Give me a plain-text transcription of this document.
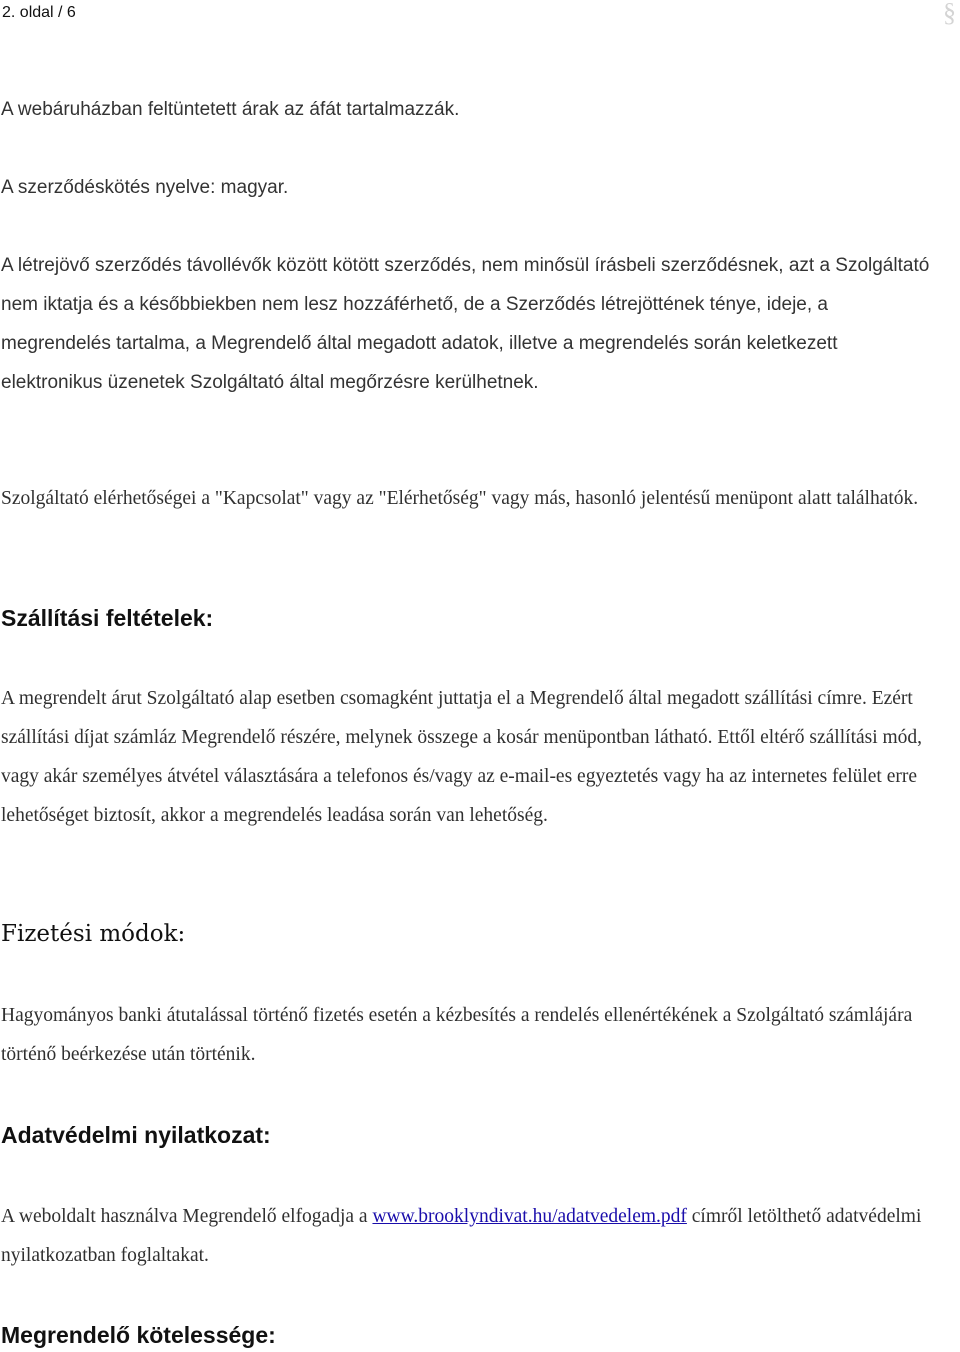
2. oldal / 6	§

A webáruházban feltüntetett árak az áfát tartalmazzák.

A szerződéskötés nyelve: magyar.

A létrejövő szerződés távollévők között kötött szerződés, nem minősül írásbeli szerződésnek, azt a Szolgáltató nem iktatja és a későbbiekben nem lesz hozzáférhető, de a Szerződés létrejöttének ténye, ideje, a megrendelés tartalma, a Megrendelő által megadott adatok, illetve a megrendelés során keletkezett elektronikus üzenetek Szolgáltató által megőrzésre kerülhetnek.

Szolgáltató elérhetőségei a "Kapcsolat" vagy az "Elérhetőség" vagy más, hasonló jelentésű menüpont alatt találhatók.

Szállítási feltételek:

A megrendelt árut Szolgáltató alap esetben csomagként juttatja el a Megrendelő által megadott szállítási címre. Ezért szállítási díjat számláz Megrendelő részére, melynek összege a kosár menüpontban látható. Ettől eltérő szállítási mód, vagy akár személyes átvétel választására a telefonos és/vagy az e-mail-es egyeztetés vagy ha az internetes felület erre lehetőséget biztosít, akkor a megrendelés leadása során van lehetőség.

Fizetési módok:

Hagyományos banki átutalással történő fizetés esetén a kézbesítés a rendelés ellenértékének a Szolgáltató számlájára történő beérkezése után történik.

Adatvédelmi nyilatkozat:

A weboldalt használva Megrendelő elfogadja a www.brooklyndivat.hu/adatvedelem.pdf címről letölthető adatvédelmi nyilatkozatban foglaltakat.

Megrendelő kötelessége:
